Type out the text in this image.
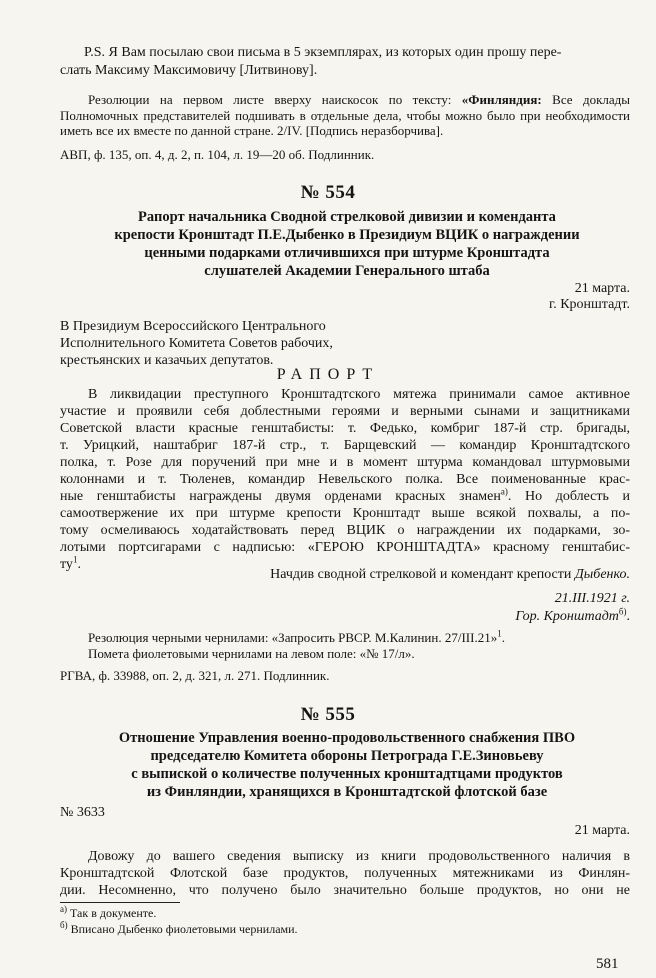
P.S. Я Вам посылаю свои письма в 5 экземплярах, из которых один прошу пере-

слать Максиму Максимовичу [Литвинову].

Резолюции на первом листе вверху наискосок по тексту: «Финляндия: Все доклады Полномочных представителей подшивать в отдельные дела, чтобы можно было при необходимости иметь все их вместе по данной стране. 2/IV. [Подпись неразборчива].

АВП, ф. 135, оп. 4, д. 2, п. 104, л. 19—20 об. Подлинник.

№ 554
Рапорт начальника Сводной стрелковой дивизии и коменданта
крепости Кронштадт П.Е.Дыбенко в Президиум ВЦИК о награждении
ценными подарками отличившихся при штурме Кронштадта
слушателей Академии Генерального штаба
21 марта.
г. Кронштадт.
В Президиум Всероссийского Центрального
Исполнительного Комитета Советов рабочих,
крестьянских и казачьих депутатов.
РАПОРТ
В ликвидации преступного Кронштадтского мятежа принимали самое активное
участие и проявили себя доблестными героями и верными сынами и защитниками
Советской власти красные генштабисты: т. Федько, комбриг 187-й стр. бригады,
т. Урицкий, наштабриг 187-й стр., т. Барщевский — командир Кронштадтского
полка, т. Розе для поручений при мне и в момент штурма командовал штурмовыми
колоннами и т. Тюленев, командир Невельского полка. Все поименованные крас-
ные генштабисты награждены двумя орденами красных знамен$^{а)}$. Но доблесть и
самоотвержение их при штурме крепости Кронштадт выше всякой похвалы, а по-
тому осмеливаюсь ходатайствовать перед ВЦИК о награждении их подарками, зо-
лотыми портсигарами с надписью: «ГЕРОЮ КРОНШТАДТА» красному генштабис-
$ту^1$.
Начдив сводной стрелковой и комендант крепости Дыбенко.
21.III.1921 г.
Гор. Кронштадт$^{б)}$.

Резолюция черными чернилами: «Запросить РВСР. М.Калинин. 27/III.21»$^1$.

Помета фиолетовыми чернилами на левом поле: «№ 17/л».

РГВА, ф. 33988, оп. 2, д. 321, л. 271. Подлинник.

№ 555
Отношение Управления военно-продовольственного снабжения ПВО
председателю Комитета обороны Петрограда Г.Е.Зиновьеву
с выпиской о количестве полученных кронштадтцами продуктов
из Финляндии, хранящихся в Кронштадтской флотской базе
№ 3633
21 марта.
Довожу до вашего сведения выписку из книги продовольственного наличия в
Кронштадтской Флотской базе продуктов, полученных мятежниками из Финлян-
дии. Несомненно, что получено было значительно больше продуктов, но они не
$^{а)}$ Так в документе.
$^{б)}$ Вписано Дыбенко фиолетовыми чернилами.
581
